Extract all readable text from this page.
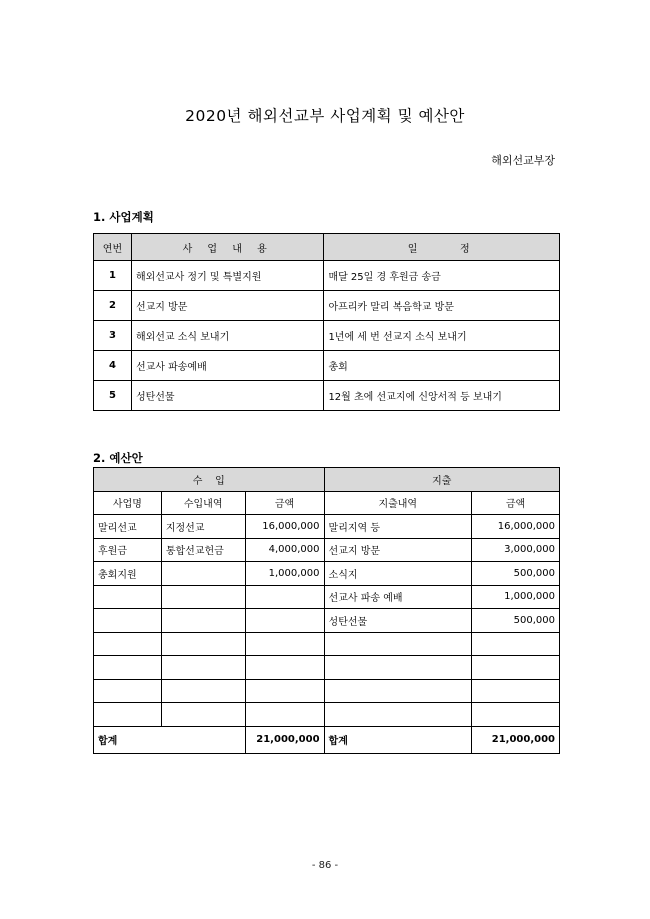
2020년 해외선교부 사업계획 및 예산안
해외선교부장
1. 사업계획
연번	사 업 내 용	일    정
1	해외선교사 정기 및 특별지원	매달 25일 경 후원금 송금
2	선교지 방문	아프리카 말리 복음학교 방문
3	해외선교 소식 보내기	1년에 세 번 선교지 소식 보내기
4	선교사 파송예배	총회
5	성탄선물	12월 초에 선교지에 신앙서적 등 보내기
2. 예산안
수    입			지출	
사업명	수입내역	금액	지출내역	금액
말리선교	지정선교	16,000,000	말리지역 등	16,000,000
후원금	통합선교헌금	4,000,000	선교지 방문	3,000,000
총회지원		1,000,000	소식지	500,000
			선교사 파송 예배	1,000,000
			성탄선물	500,000

합계		21,000,000	합계	21,000,000
- 86 -
